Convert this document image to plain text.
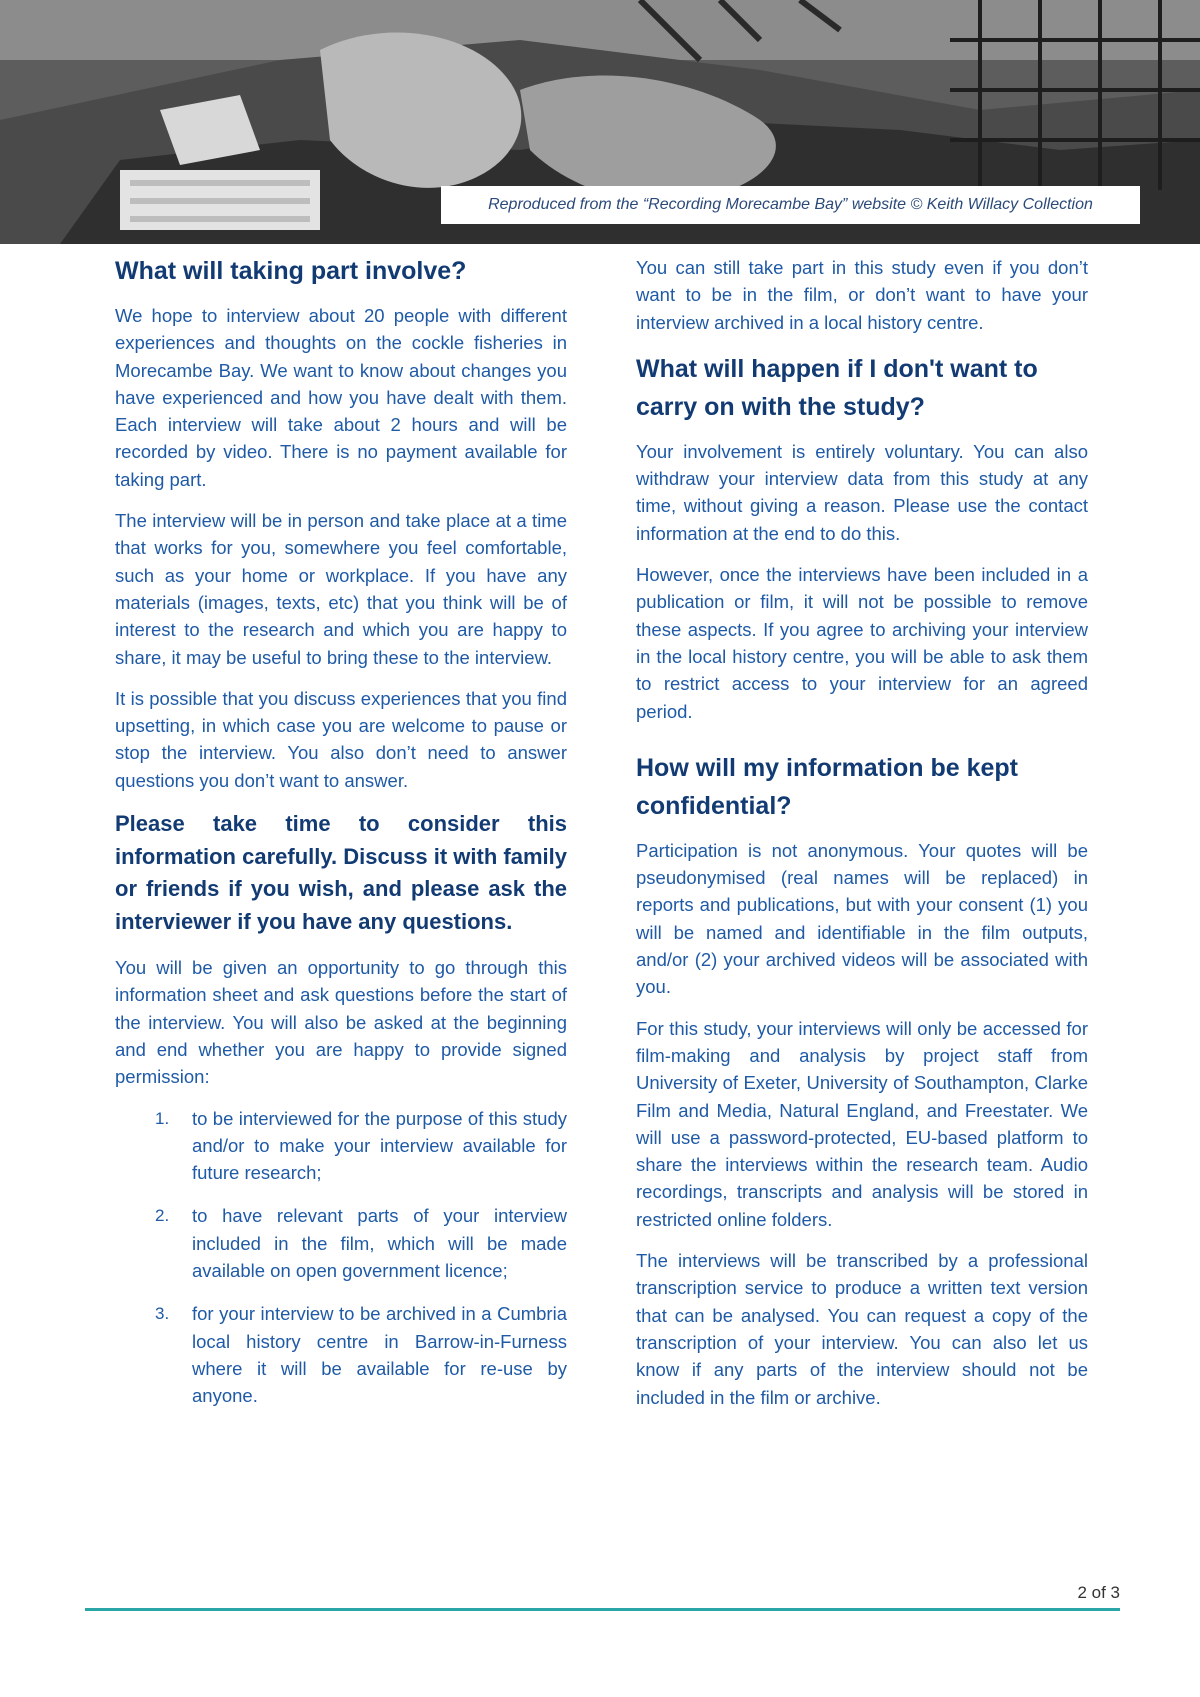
Reproduced from the “Recording Morecambe Bay” website © Keith Willacy Collection
What will taking part involve?

We hope to interview about 20 people with different experiences and thoughts on the cockle fisheries in Morecambe Bay. We want to know about changes you have experienced and how you have dealt with them. Each interview will take about 2 hours and will be recorded by video. There is no payment available for taking part.

The interview will be in person and take place at a time that works for you, somewhere you feel comfortable, such as your home or workplace. If you have any materials (images, texts, etc) that you think will be of interest to the research and which you are happy to share, it may be useful to bring these to the interview.

It is possible that you discuss experiences that you find upsetting, in which case you are welcome to pause or stop the interview. You also don’t need to answer questions you don’t want to answer.

Please take time to consider this information carefully. Discuss it with family or friends if you wish, and please ask the interviewer if you have any questions.

You will be given an opportunity to go through this information sheet and ask questions before the start of the interview. You will also be asked at the beginning and end whether you are happy to provide signed permission:

1. to be interviewed for the purpose of this study and/or to make your interview available for future research;
2. to have relevant parts of your interview included in the film, which will be made available on open government licence;
3. for your interview to be archived in a Cumbria local history centre in Barrow-in-Furness where it will be available for re-use by anyone.

You can still take part in this study even if you don’t want to be in the film, or don’t want to have your interview archived in a local history centre.

What will happen if I don't want to carry on with the study?

Your involvement is entirely voluntary. You can also withdraw your interview data from this study at any time, without giving a reason. Please use the contact information at the end to do this.

However, once the interviews have been included in a publication or film, it will not be possible to remove these aspects. If you agree to archiving your interview in the local history centre, you will be able to ask them to restrict access to your interview for an agreed period.

How will my information be kept confidential?

Participation is not anonymous. Your quotes will be pseudonymised (real names will be replaced) in reports and publications, but with your consent (1) you will be named and identifiable in the film outputs, and/or (2) your archived videos will be associated with you.

For this study, your interviews will only be accessed for film-making and analysis by project staff from University of Exeter, University of Southampton, Clarke Film and Media, Natural England, and Freestater. We will use a password-protected, EU-based platform to share the interviews within the research team. Audio recordings, transcripts and analysis will be stored in restricted online folders.

The interviews will be transcribed by a professional transcription service to produce a written text version that can be analysed. You can request a copy of the transcription of your interview. You can also let us know if any parts of the interview should not be included in the film or archive.

2 of 3
